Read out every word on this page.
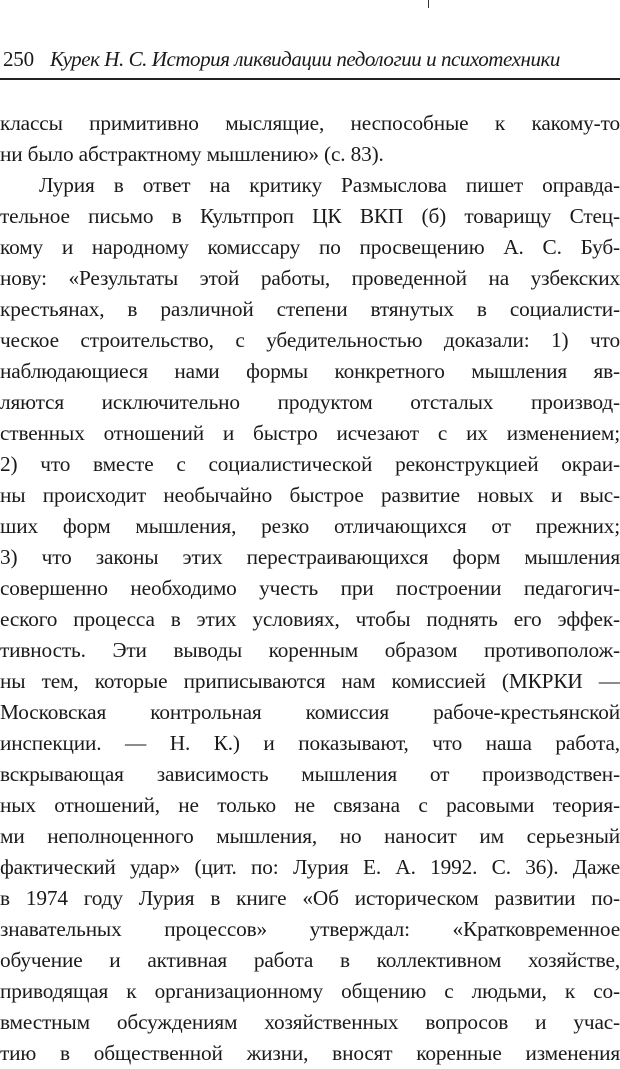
250 Курек Н. С. История ликвидации педологии и психотехники
классы примитивно мыслящие, неспособные к какому-то
ни было абстрактному мышлению» (с. 83).
Лурия в ответ на критику Размыслова пишет оправда-
тельное письмо в Культпроп ЦК ВКП (б) товарищу Стец-
кому и народному комиссару по просвещению А. С. Буб-
нову: «Результаты этой работы, проведенной на узбекских
крестьянах, в различной степени втянутых в социалисти-
ческое строительство, с убедительностью доказали: 1) что
наблюдающиеся нами формы конкретного мышления яв-
ляются исключительно продуктом отсталых производ-
ственных отношений и быстро исчезают с их изменением;
2) что вместе с социалистической реконструкцией окраи-
ны происходит необычайно быстрое развитие новых и выс-
ших форм мышления, резко отличающихся от прежних;
3) что законы этих перестраивающихся форм мышления
совершенно необходимо учесть при построении педагогич-
еского процесса в этих условиях, чтобы поднять его эффек-
тивность. Эти выводы коренным образом противополож-
ны тем, которые приписываются нам комиссией (МКРКИ —
Московская контрольная комиссия рабоче-крестьянской
инспекции. — Н. К.) и показывают, что наша работа,
вскрывающая зависимость мышления от производствен-
ных отношений, не только не связана с расовыми теория-
ми неполноценного мышления, но наносит им серьезный
фактический удар» (цит. по: Лурия Е. А. 1992. С. 36). Даже
в 1974 году Лурия в книге «Об историческом развитии по-
знавательных процессов» утверждал: «Кратковременное
обучение и активная работа в коллективном хозяйстве,
приводящая к организационному общению с людьми, к со-
вместным обсуждениям хозяйственных вопросов и учас-
тию в общественной жизни, вносят коренные изменения
